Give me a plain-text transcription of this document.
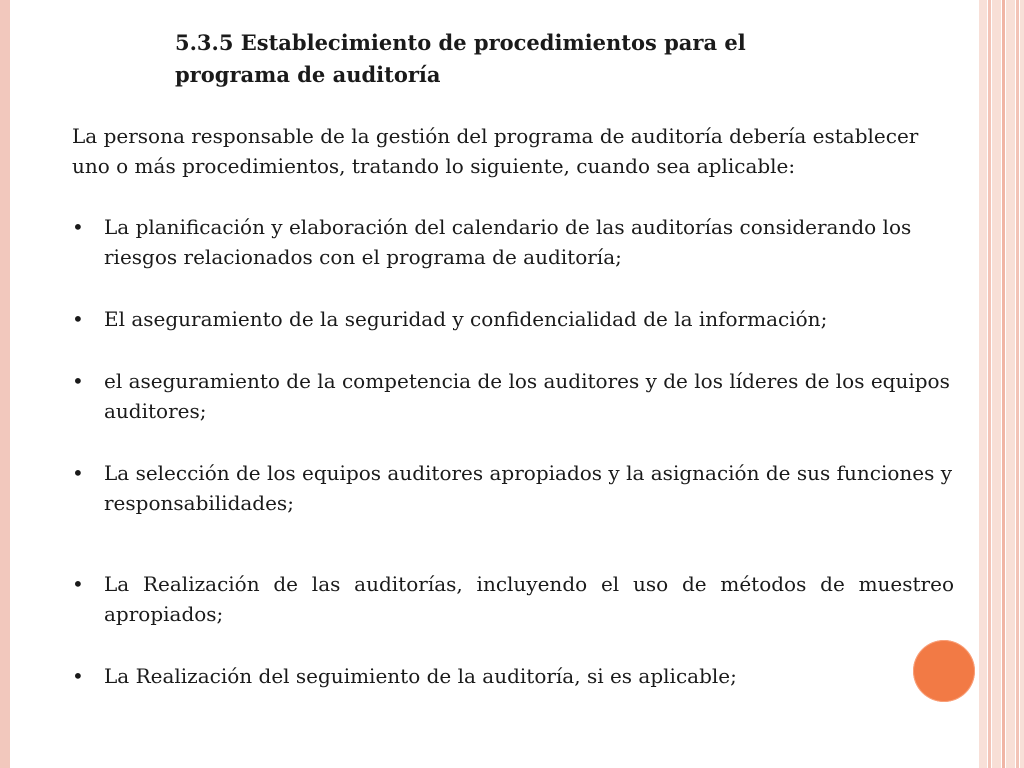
5.3.5 Establecimiento de procedimientos para el
programa de auditoría

La persona responsable de la gestión del programa de auditoría debería establecer uno o más procedimientos, tratando lo siguiente, cuando sea aplicable:

• La planificación y elaboración del calendario de las auditorías considerando los riesgos relacionados con el programa de auditoría;
• El aseguramiento de la seguridad y confidencialidad de la información;
• el aseguramiento de la competencia de los auditores y de los líderes de los equipos auditores;
• La selección de los equipos auditores apropiados y la asignación de sus funciones y responsabilidades;
• La Realización de las auditorías, incluyendo el uso de métodos de muestreo apropiados;
• La Realización del seguimiento de la auditoría, si es aplicable;
